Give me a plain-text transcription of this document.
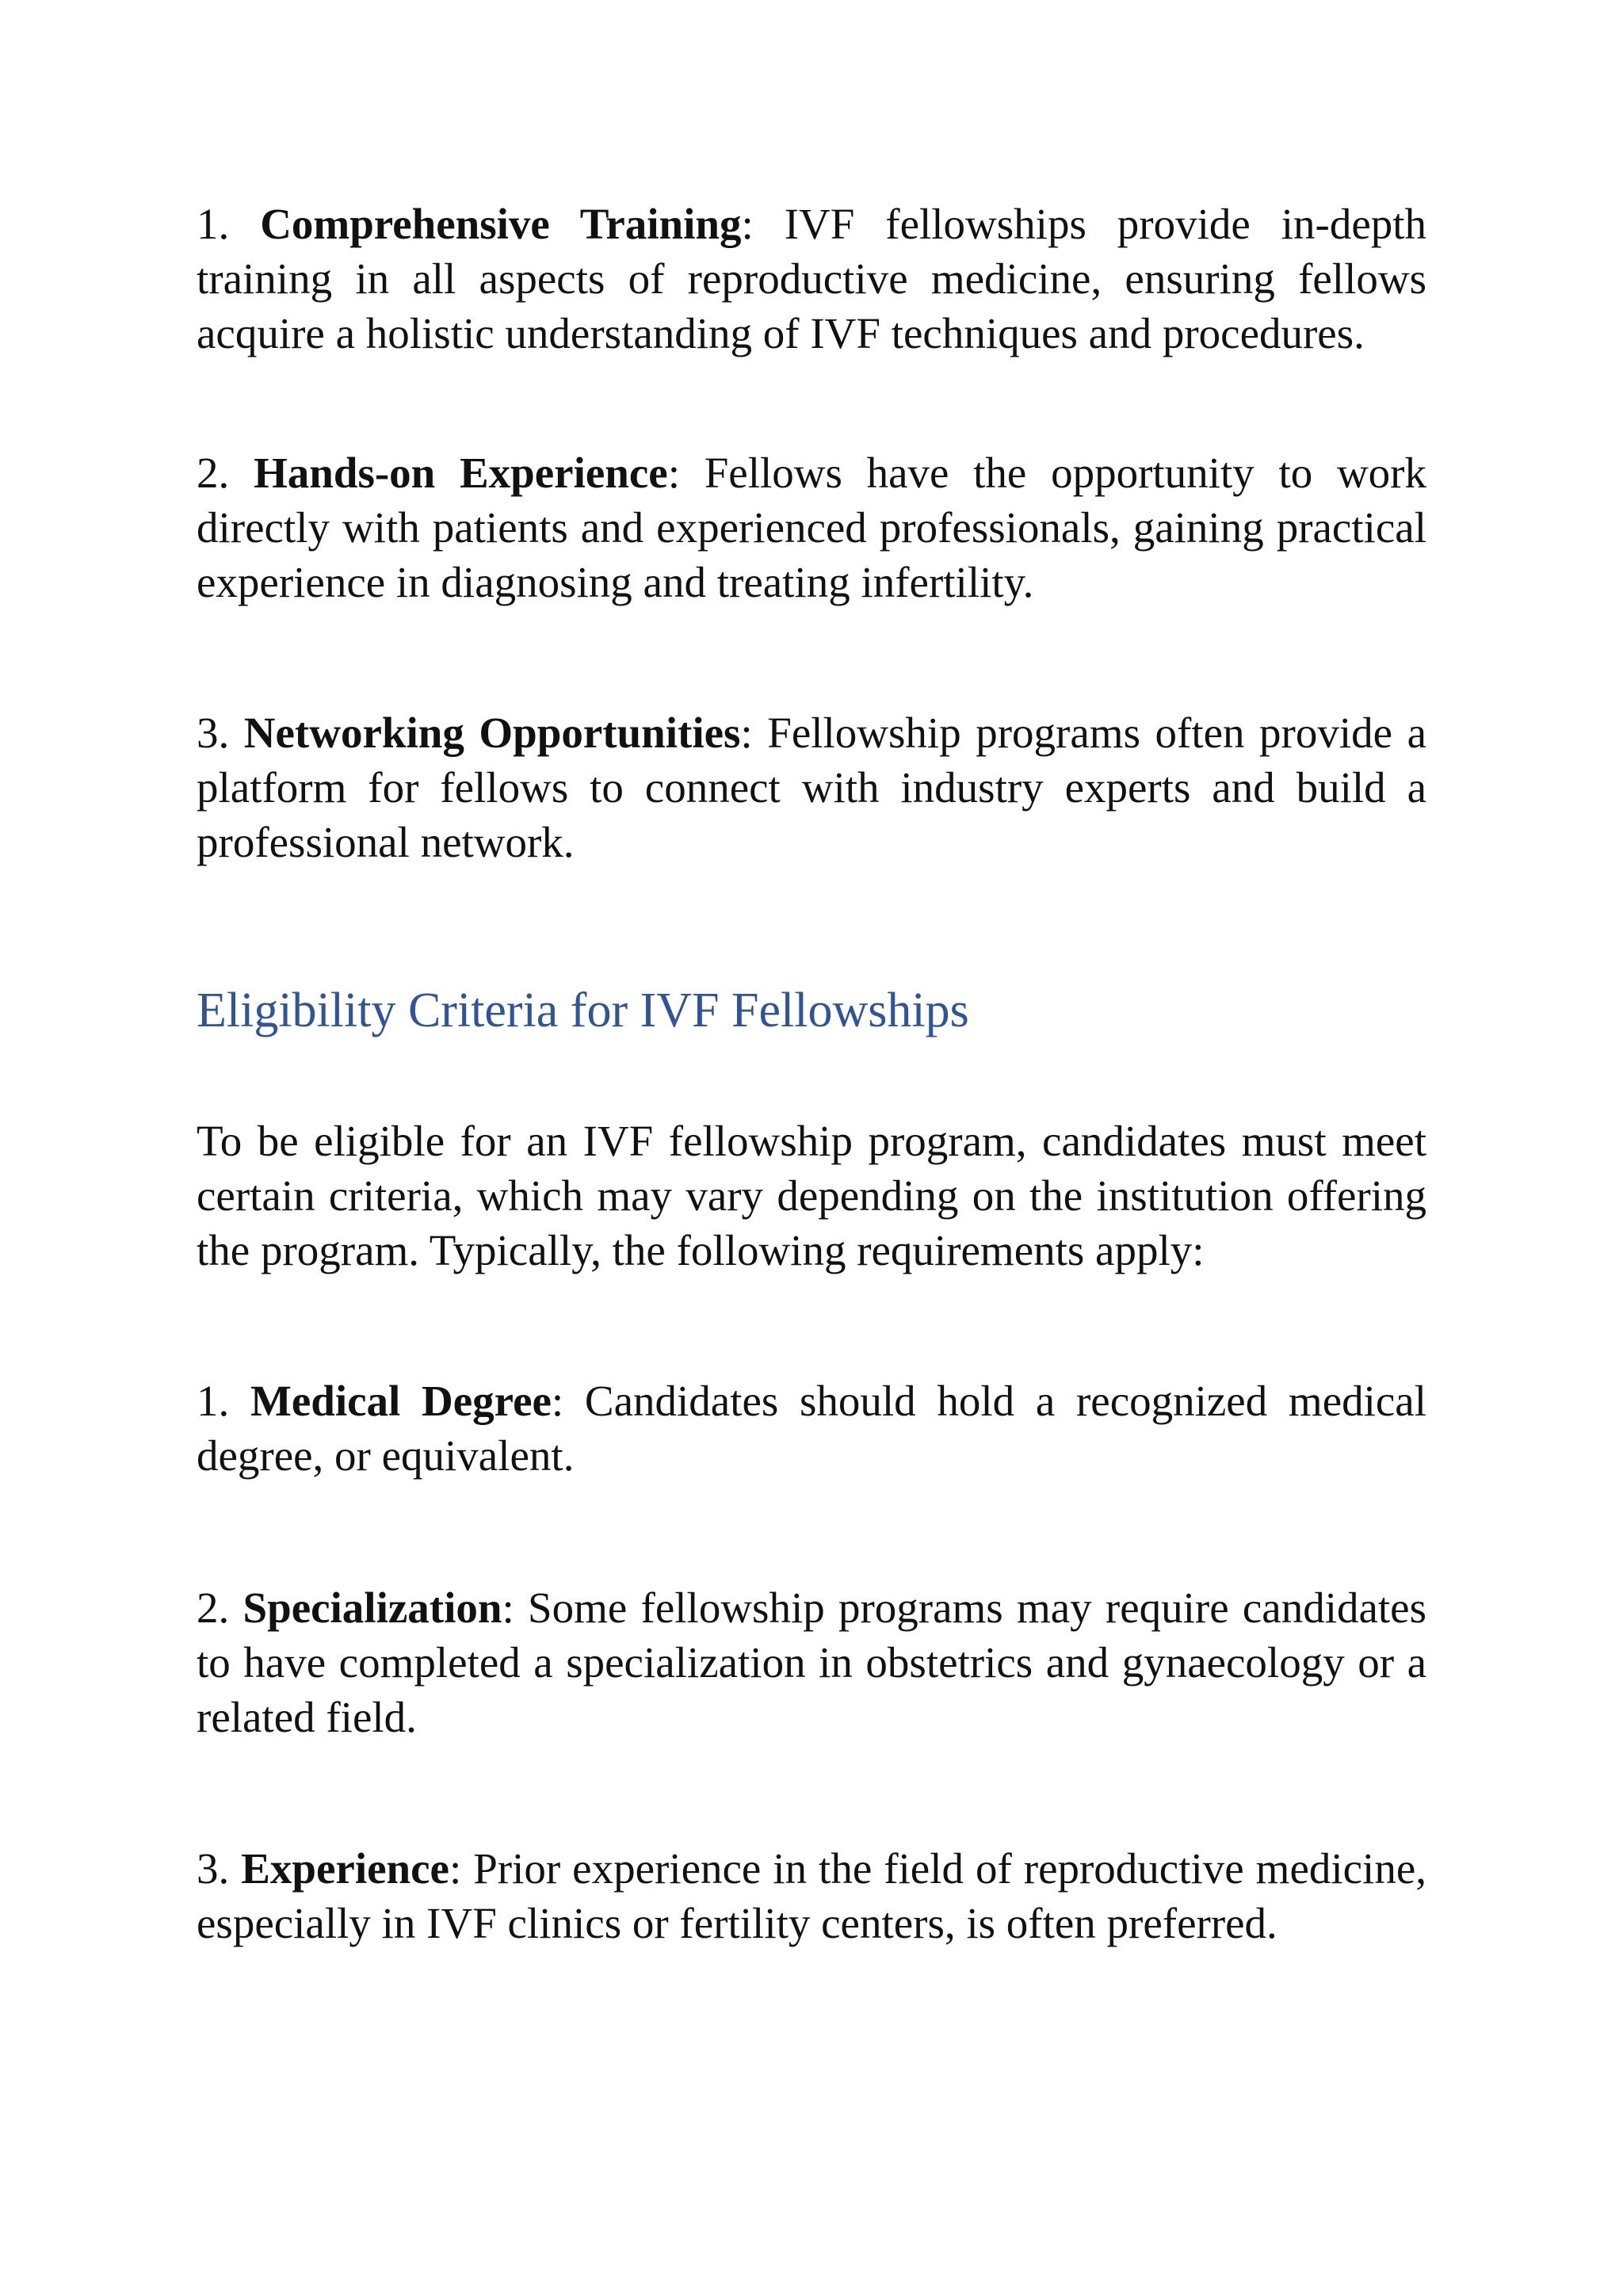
1. Comprehensive Training: IVF fellowships provide in-depth training in all aspects of reproductive medicine, ensuring fellows acquire a holistic understanding of IVF techniques and procedures.

2. Hands-on Experience: Fellows have the opportunity to work directly with patients and experienced professionals, gaining practical experience in diagnosing and treating infertility.

3. Networking Opportunities: Fellowship programs often provide a platform for fellows to connect with industry experts and build a professional network.

Eligibility Criteria for IVF Fellowships

To be eligible for an IVF fellowship program, candidates must meet certain criteria, which may vary depending on the institution offering the program. Typically, the following requirements apply:

1. Medical Degree: Candidates should hold a recognized medical degree, or equivalent.

2. Specialization: Some fellowship programs may require candidates to have completed a specialization in obstetrics and gynaecology or a related field.

3. Experience: Prior experience in the field of reproductive medicine, especially in IVF clinics or fertility centers, is often preferred.
